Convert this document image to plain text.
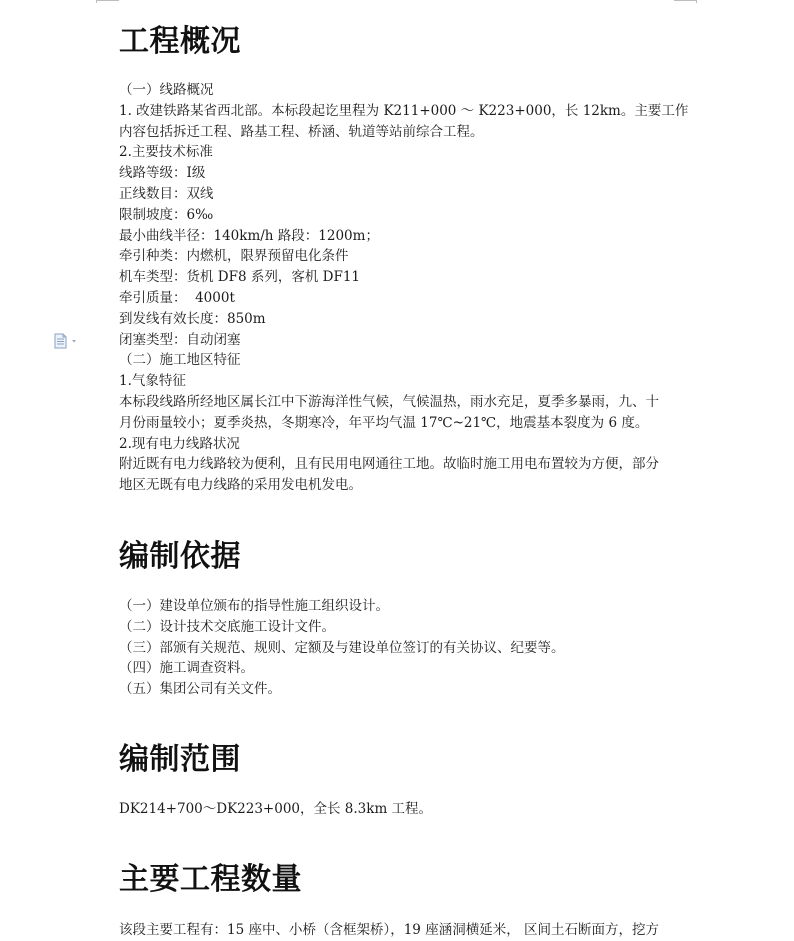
工程概况
（一）线路概况
1. 改建铁路某省西北部。本标段起讫里程为 K211+000 ～ K223+000，长 12km。主要工作
内容包括拆迁工程、路基工程、桥涵、轨道等站前综合工程。
2.主要技术标准
线路等级：Ⅰ级
正线数目：双线
限制坡度：6‰
最小曲线半径：140km/h 路段：1200m；
牵引种类：内燃机，限界预留电化条件
机车类型：货机 DF8 系列，客机 DF11
牵引质量：  4000t
到发线有效长度：850m
闭塞类型：自动闭塞
（二）施工地区特征
1.气象特征
本标段线路所经地区属长江中下游海洋性气候，气候温热，雨水充足，夏季多暴雨，九、十
月份雨量较小；夏季炎热，冬期寒冷，年平均气温 17℃~21℃，地震基本裂度为 6 度。
2.现有电力线路状况
附近既有电力线路较为便利，且有民用电网通往工地。故临时施工用电布置较为方便，部分
地区无既有电力线路的采用发电机发电。
编制依据
（一）建设单位颁布的指导性施工组织设计。
（二）设计技术交底施工设计文件。
（三）部颁有关规范、规则、定额及与建设单位签订的有关协议、纪要等。
（四）施工调查资料。
（五）集团公司有关文件。
编制范围
DK214+700～DK223+000，全长 8.3km 工程。
主要工程数量
该段主要工程有：15 座中、小桥（含框架桥），19 座涵洞横延米， 区间土石断面方，挖方
